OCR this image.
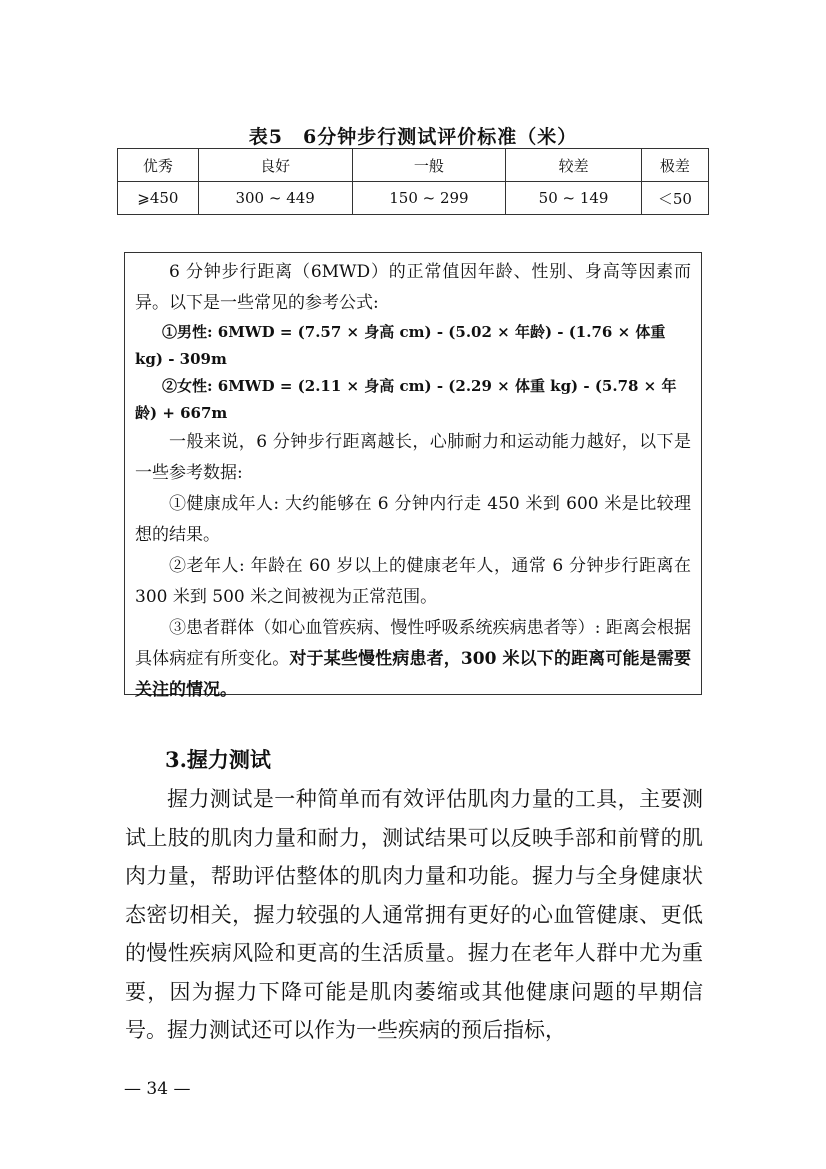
表5　6分钟步行测试评价标准（米）
优秀	良好	一般	较差	极差
⩾450	300 ~ 449	150 ~ 299	50 ~ 149	＜50

6 分钟步行距离（6MWD）的正常值因年龄、性别、身高等因素而异。以下是一些常见的参考公式:

①男性: 6MWD = (7.57 × 身高 cm) - (5.02 × 年龄) - (1.76 × 体重 kg) - 309m

②女性: 6MWD = (2.11 × 身高 cm) - (2.29 × 体重 kg) - (5.78 × 年龄) + 667m

一般来说，6 分钟步行距离越长，心肺耐力和运动能力越好，以下是一些参考数据:

①健康成年人: 大约能够在 6 分钟内行走 450 米到 600 米是比较理想的结果。

②老年人: 年龄在 60 岁以上的健康老年人，通常 6 分钟步行距离在 300 米到 500 米之间被视为正常范围。

③患者群体（如心血管疾病、慢性呼吸系统疾病患者等）: 距离会根据具体病症有所变化。对于某些慢性病患者，300 米以下的距离可能是需要关注的情况。

3.握力测试
握力测试是一种简单而有效评估肌肉力量的工具，主要测试上肢的肌肉力量和耐力，测试结果可以反映手部和前臂的肌肉力量，帮助评估整体的肌肉力量和功能。握力与全身健康状态密切相关，握力较强的人通常拥有更好的心血管健康、更低的慢性疾病风险和更高的生活质量。握力在老年人群中尤为重要，因为握力下降可能是肌肉萎缩或其他健康问题的早期信号。握力测试还可以作为一些疾病的预后指标，
— 34 —
